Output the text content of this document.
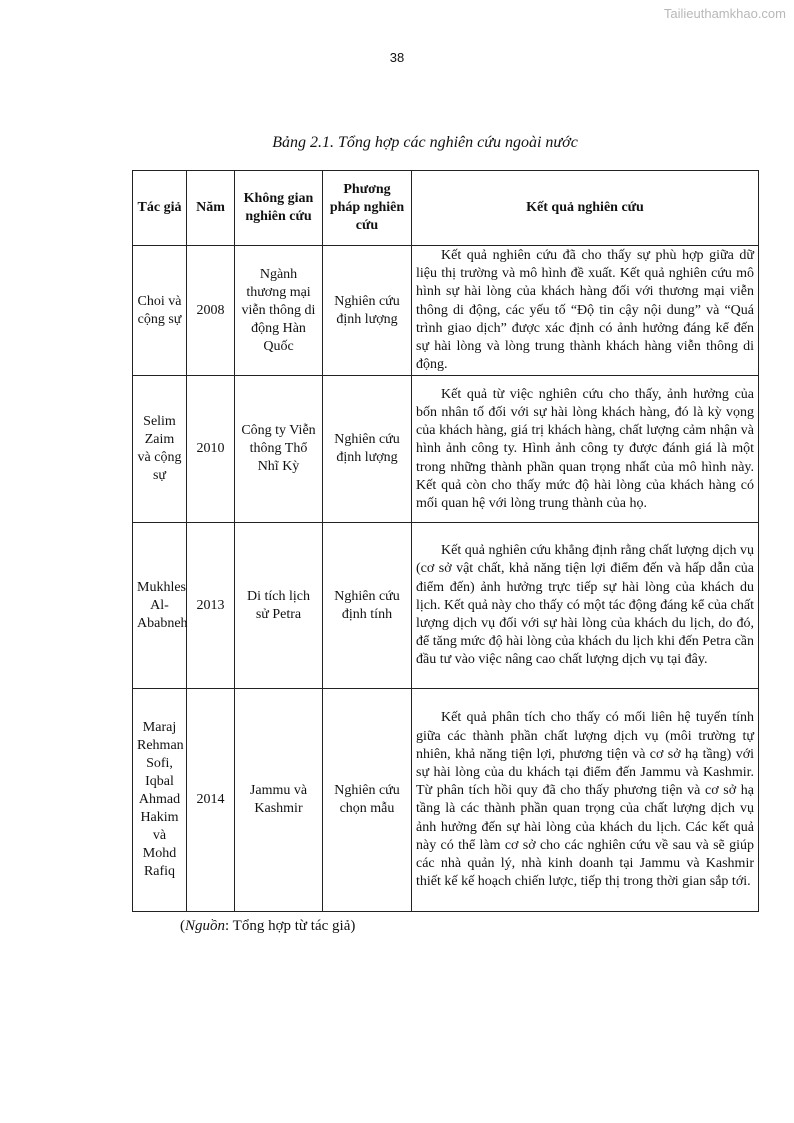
Tailieuthamkhao.com
38
Bảng 2.1. Tổng hợp các nghiên cứu ngoài nước
Tác giả	Năm	Không gian nghiên cứu	Phương pháp nghiên cứu	Kết quả nghiên cứu
Choi và cộng sự	2008	Ngành thương mại viễn thông di động Hàn Quốc	Nghiên cứu định lượng	Kết quả nghiên cứu đã cho thấy sự phù hợp giữa dữ liệu thị trường và mô hình đề xuất. Kết quả nghiên cứu mô hình sự hài lòng của khách hàng đối với thương mại viễn thông di động, các yếu tố “Độ tin cậy nội dung” và “Quá trình giao dịch” được xác định có ảnh hưởng đáng kể đến sự hài lòng và lòng trung thành khách hàng viễn thông di động.

Selim Zaim và cộng sự	2010	Công ty Viễn thông Thổ Nhĩ Kỳ	Nghiên cứu định lượng	Kết quả từ việc nghiên cứu cho thấy, ảnh hưởng của bốn nhân tố đối với sự hài lòng khách hàng, đó là kỳ vọng của khách hàng, giá trị khách hàng, chất lượng cảm nhận và hình ảnh công ty. Hình ảnh công ty được đánh giá là một trong những thành phần quan trọng nhất của mô hình này. Kết quả còn cho thấy mức độ hài lòng của khách hàng có mối quan hệ với lòng trung thành của họ.

Mukhles Al-Ababneh	2013	Di tích lịch sử Petra	Nghiên cứu định tính	Kết quả nghiên cứu khẳng định rằng chất lượng dịch vụ (cơ sở vật chất, khả năng tiện lợi điểm đến và hấp dẫn của điểm đến) ảnh hưởng trực tiếp sự hài lòng của khách du lịch. Kết quả này cho thấy có một tác động đáng kể của chất lượng dịch vụ đối với sự hài lòng của khách du lịch, do đó, để tăng mức độ hài lòng của khách du lịch khi đến Petra cần đầu tư vào việc nâng cao chất lượng dịch vụ tại đây.

Maraj Rehman Sofi, Iqbal Ahmad Hakim và Mohd Rafiq	2014	Jammu và Kashmir	Nghiên cứu chọn mẫu	Kết quả phân tích cho thấy có mối liên hệ tuyến tính giữa các thành phần chất lượng dịch vụ (môi trường tự nhiên, khả năng tiện lợi, phương tiện và cơ sở hạ tầng) với sự hài lòng của du khách tại điểm đến Jammu và Kashmir. Từ phân tích hồi quy đã cho thấy phương tiện và cơ sở hạ tầng là các thành phần quan trọng của chất lượng dịch vụ ảnh hưởng đến sự hài lòng của khách du lịch. Các kết quả này có thể làm cơ sở cho các nghiên cứu về sau và sẽ giúp các nhà quản lý, nhà kinh doanh tại Jammu và Kashmir thiết kế kế hoạch chiến lược, tiếp thị trong thời gian sắp tới.
(Nguồn: Tổng hợp từ tác giả)
